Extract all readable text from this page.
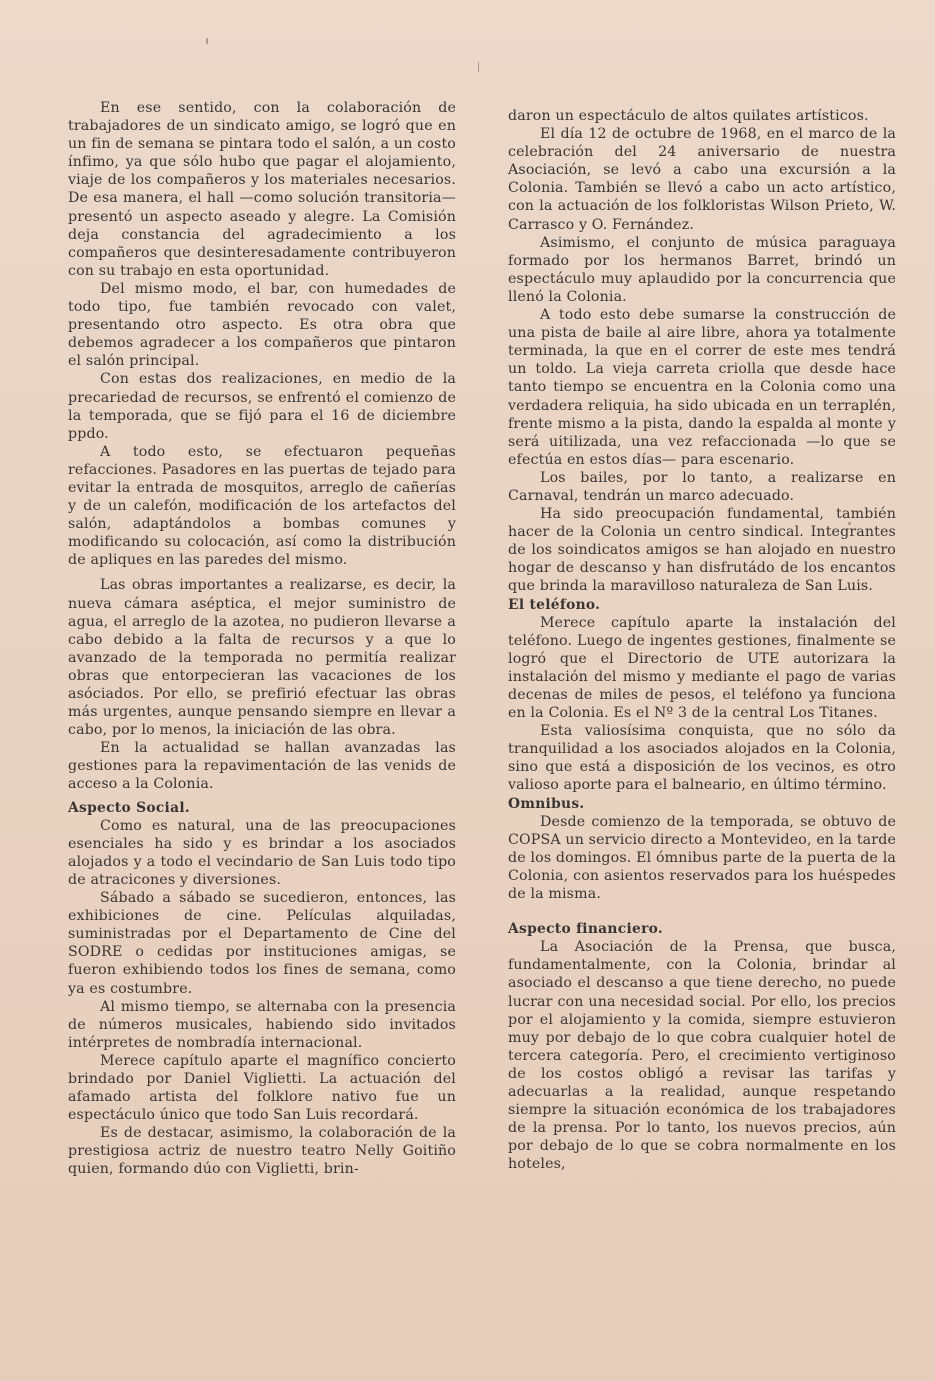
En ese sentido, con la colaboración de trabajadores de un sindicato amigo, se logró que en un fin de semana se pintara todo el salón, a un costo ínfimo, ya que sólo hubo que pagar el alojamiento, viaje de los compañeros y los materiales necesarios. De esa manera, el hall —como solución transitoria— presentó un aspecto aseado y alegre. La Comisión deja constancia del agradecimiento a los compañeros que desinteresadamente contribuyeron con su trabajo en esta oportunidad.

Del mismo modo, el bar, con humedades de todo tipo, fue también revocado con valet, presentando otro aspecto. Es otra obra que debemos agradecer a los compañeros que pintaron el salón principal.

Con estas dos realizaciones, en medio de la precariedad de recursos, se enfrentó el comienzo de la temporada, que se fijó para el 16 de diciembre ppdo.

A todo esto, se efectuaron pequeñas refacciones. Pasadores en las puertas de tejado para evitar la entrada de mosquitos, arreglo de cañerías y de un calefón, modificación de los artefactos del salón, adaptándolos a bombas comunes y modificando su colocación, así como la distribución de apliques en las paredes del mismo.

Las obras importantes a realizarse, es decir, la nueva cámara aséptica, el mejor suministro de agua, el arreglo de la azotea, no pudieron llevarse a cabo debido a la falta de recursos y a que lo avanzado de la temporada no permitía realizar obras que entorpecieran las vacaciones de los asóciados. Por ello, se prefirió efectuar las obras más urgentes, aunque pensando siempre en llevar a cabo, por lo menos, la iniciación de las obra.

En la actualidad se hallan avanzadas las gestiones para la repavimentación de las venids de acceso a la Colonia.

Aspecto Social.

Como es natural, una de las preocupaciones esenciales ha sido y es brindar a los asociados alojados y a todo el vecindario de San Luis todo tipo de atracicones y diversiones.

Sábado a sábado se sucedieron, entonces, las exhibiciones de cine. Películas alquiladas, suministradas por el Departamento de Cine del SODRE o cedidas por instituciones amigas, se fueron exhibiendo todos los fines de semana, como ya es costumbre.

Al mismo tiempo, se alternaba con la presencia de números musicales, habiendo sido invitados intérpretes de nombradía internacional.

Merece capítulo aparte el magnífico concierto brindado por Daniel Viglietti. La actuación del afamado artista del folklore nativo fue un espectáculo único que todo San Luis recordará.

Es de destacar, asimismo, la colaboración de la prestigiosa actriz de nuestro teatro Nelly Goitiño quien, formando dúo con Viglietti, brin-

daron un espectáculo de altos quilates artísticos.

El día 12 de octubre de 1968, en el marco de la celebración del 24 aniversario de nuestra Asociación, se levó a cabo una excursión a la Colonia. También se llevó a cabo un acto artístico, con la actuación de los folkloristas Wilson Prieto, W. Carrasco y O. Fernández.

Asimismo, el conjunto de música paraguaya formado por los hermanos Barret, brindó un espectáculo muy aplaudido por la concurrencia que llenó la Colonia.

A todo esto debe sumarse la construcción de una pista de baile al aire libre, ahora ya totalmente terminada, la que en el correr de este mes tendrá un toldo. La vieja carreta criolla que desde hace tanto tiempo se encuentra en la Colonia como una verdadera reliquia, ha sido ubicada en un terraplén, frente mismo a la pista, dando la espalda al monte y será uitilizada, una vez refaccionada —lo que se efectúa en estos días— para escenario.

Los bailes, por lo tanto, a realizarse en Carnaval, tendrán un marco adecuado.

Ha sido preocupación fundamental, también hacer de la Colonia un centro sindical. Integrantes de los soindicatos amigos se han alojado en nuestro hogar de descanso y han disfrutádo de los encantos que brinda la maravilloso naturaleza de San Luis.

El teléfono.

Merece capítulo aparte la instalación del teléfono. Luego de ingentes gestiones, finalmente se logró que el Directorio de UTE autorizara la instalación del mismo y mediante el pago de varias decenas de miles de pesos, el teléfono ya funciona en la Colonia. Es el Nº 3 de la central Los Titanes.

Esta valiosísima conquista, que no sólo da tranquilidad a los asociados alojados en la Colonia, sino que está a disposición de los vecinos, es otro valioso aporte para el balneario, en último término.

Omnibus.

Desde comienzo de la temporada, se obtuvo de COPSA un servicio directo a Montevideo, en la tarde de los domingos. El ómnibus parte de la puerta de la Colonia, con asientos reservados para los huéspedes de la misma.

Aspecto financiero.

La Asociación de la Prensa, que busca, fundamentalmente, con la Colonia, brindar al asociado el descanso a que tiene derecho, no puede lucrar con una necesidad social. Por ello, los precios por el alojamiento y la comida, siempre estuvieron muy por debajo de lo que cobra cualquier hotel de tercera categoría. Pero, el crecimiento vertiginoso de los costos obligó a revisar las tarifas y adecuarlas a la realidad, aunque respetando siempre la situación económica de los trabajadores de la prensa. Por lo tanto, los nuevos precios, aún por debajo de lo que se cobra normalmente en los hoteles,
